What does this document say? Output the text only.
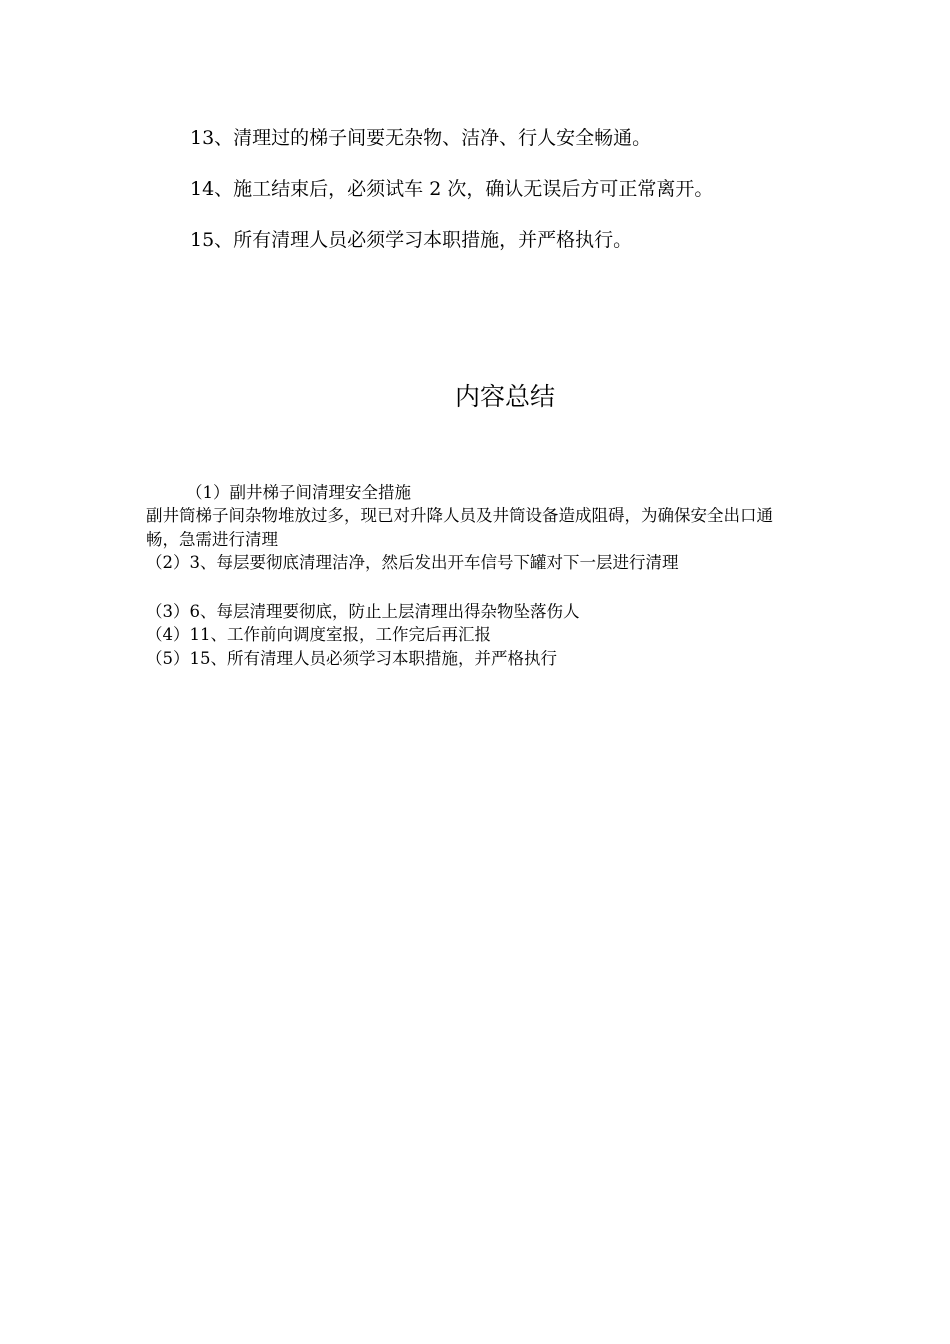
13、清理过的梯子间要无杂物、洁净、行人安全畅通。
14、施工结束后，必须试车 2 次，确认无误后方可正常离开。
15、所有清理人员必须学习本职措施，并严格执行。
内容总结
（1）副井梯子间清理安全措施
副井筒梯子间杂物堆放过多，现已对升降人员及井筒设备造成阻碍，为确保安全出口通畅，急需进行清理
（2）3、每层要彻底清理洁净，然后发出开车信号下罐对下一层进行清理
（3）6、每层清理要彻底，防止上层清理出得杂物坠落伤人
（4）11、工作前向调度室报，工作完后再汇报
（5）15、所有清理人员必须学习本职措施，并严格执行
